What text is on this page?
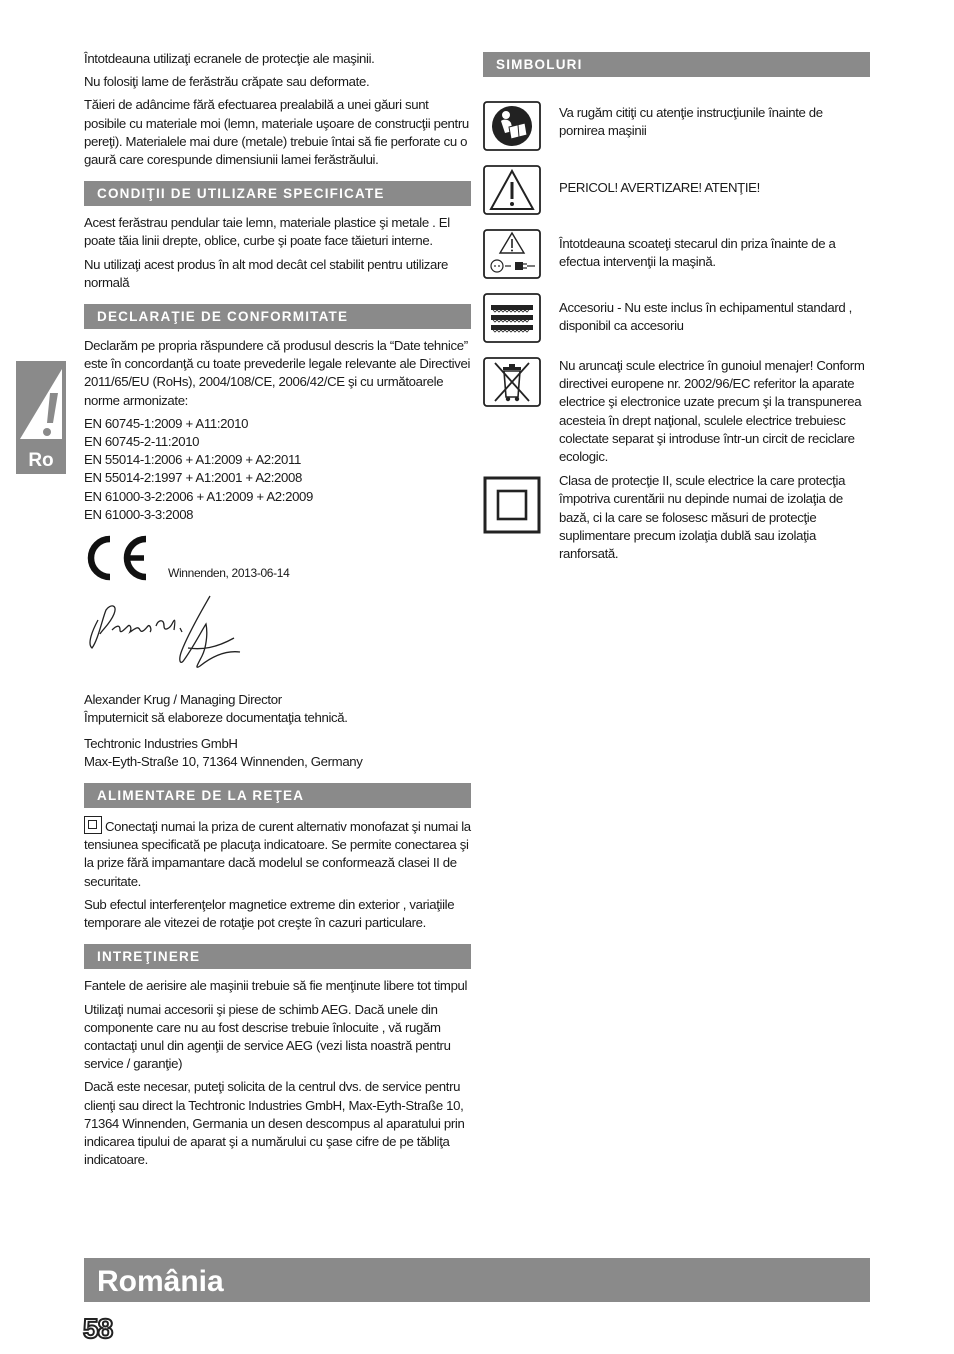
Ro

Întotdeauna utilizaţi ecranele de protecţie ale maşinii.

Nu folosiţi lame de ferăstrău crăpate sau deformate.

Tăieri de adâncime fără efectuarea prealabilă a unei găuri sunt posibile cu materiale moi (lemn, materiale uşoare de construcţii pentru pereţi). Materialele mai dure (metale) trebuie întai să fie perforate cu o gaură care corespunde dimensiunii lamei ferăstrăului.

CONDIŢII DE UTILIZARE SPECIFICATE

Acest ferăstrau pendular taie lemn, materiale plastice şi metale . El poate tăia linii drepte, oblice, curbe şi poate face tăieturi interne.

Nu utilizaţi acest produs în alt mod decât cel stabilit pentru utilizare normală

DECLARAŢIE DE CONFORMITATE

Declarăm pe propria răspundere că produsul descris la “Date tehnice” este în concordanţă cu toate prevederile legale relevante ale Directivei 2011/65/EU (RoHs), 2004/108/CE, 2006/42/CE şi cu următoarele norme armonizate:

EN 60745-1:2009 + A11:2010
EN 60745-2-11:2010
EN 55014-1:2006 + A1:2009 + A2:2011
EN 55014-2:1997 + A1:2001 + A2:2008
EN 61000-3-2:2006 + A1:2009 + A2:2009
EN 61000-3-3:2008
Winnenden, 2013-06-14
Alexander Krug / Managing Director
Împuternicit să elaboreze documentaţia tehnică.
Techtronic Industries GmbH
Max-Eyth-Straße 10, 71364 Winnenden, Germany
ALIMENTARE DE LA REŢEA

Conectaţi numai la priza de curent alternativ monofazat şi numai la tensiunea specificată pe placuţa indicatoare. Se permite conectarea şi la prize fără impamantare dacă modelul se conformează clasei II de securitate.

Sub efectul interferenţelor magnetice extreme din exterior , variaţiile temporare ale vitezei de rotaţie pot creşte în cazuri particulare.

INTREŢINERE

Fantele de aerisire ale maşinii trebuie să fie menţinute libere tot timpul

Utilizaţi numai accesorii şi piese de schimb AEG. Dacă unele din componente care nu au fost descrise trebuie înlocuite , vă rugăm contactaţi unul din agenţii de service AEG (vezi lista noastră pentru service / garanţie)

Dacă este necesar, puteţi solicita de la centrul dvs. de service pentru clienţi sau direct la Techtronic Industries GmbH, Max-Eyth-Straße 10, 71364 Winnenden, Germania un desen descompus al aparatului prin indicarea tipului de aparat şi a numărului cu şase cifre de pe tăbliţa indicatoare.

SIMBOLURI
Va rugăm citiţi cu atenţie instrucţiunile înainte de pornirea maşinii
PERICOL! AVERTIZARE! ATENŢIE!
Întotdeauna scoateţi stecarul din priza înainte de a efectua intervenţii la maşină.
Accesoriu - Nu este inclus în echipamentul standard , disponibil ca accesoriu
Nu aruncaţi scule electrice în gunoiul menajer! Conform directivei europene nr. 2002/96/EC referitor la aparate electrice şi electronice uzate precum şi la transpunerea acesteia în drept naţional, sculele electrice trebuiesc colectate separat şi introduse într-un circit de reciclare ecologic.
Clasa de protecţie II, scule electrice la care protecţia împotriva curentării nu depinde numai de izolaţia de bază, ci la care se folosesc măsuri de protecţie suplimentare precum izolaţia dublă sau izolaţia ranforsată.
România
58
